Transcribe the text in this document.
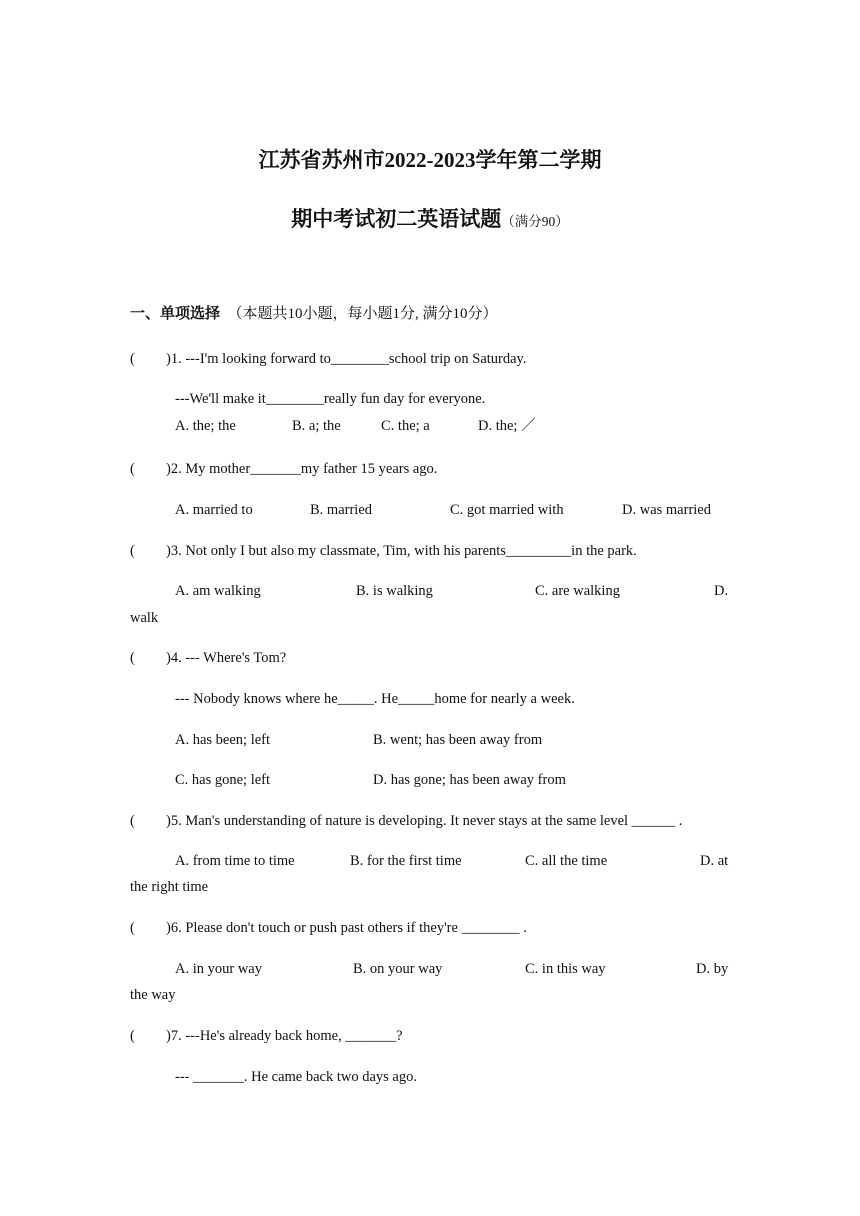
江苏省苏州市2022-2023学年第二学期
期中考试初二英语试题（满分90）
一、单项选择 （本题共10小题，每小题1分, 满分10分）
( )1. ---I'm looking forward to________school trip on Saturday.
---We'll make it________really fun day for everyone.
A. the; the	B. a; the	C. the; a	D. the; ／
( )2. My mother_______my father 15 years ago.
A. married to	B. married	C. got married with	D. was married
( )3. Not only I but also my classmate, Tim, with his parents_________in the park.
A. am walking	B. is walking	C. are walking	D.
walk
( )4. --- Where's Tom?
--- Nobody knows where he_____. He_____home for nearly a week.
A. has been; left	B. went; has been away from
C. has gone; left	D. has gone; has been away from
( )5. Man's understanding of nature is developing. It never stays at the same level ______ .
A. from time to time	B. for the first time	C. all the time	D. at
the right time
( )6. Please don't touch or push past others if they're ________ .
A. in your way	B. on your way	C. in this way	D. by
the way
( )7. ---He's already back home, _______?
--- _______. He came back two days ago.
